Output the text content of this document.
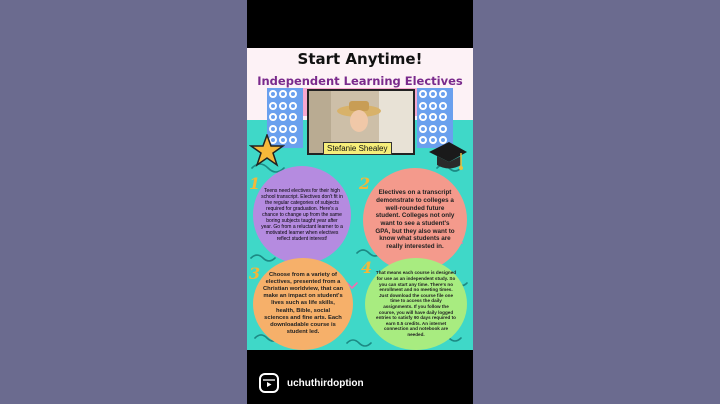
Start Anytime!
Independent Learning Electives
Stefanie Shealey
Teens need electives for their high school transcript. Electives don't fit in the regular categories of subjects required for graduation. Here's a chance to change up from the same boring subjects taught year after year. Go from a reluctant learner to a motivated learner when electives reflect student interest!
1	Electives on a transcript demonstrate to colleges a well-rounded future student. Colleges not only want to see a student's GPA, but they also want to know what students are really interested in.
2
Choose from a variety of electives, presented from a Christian worldview, that can make an impact on student's lives such as life skills, health, Bible, social sciences and fine arts. Each downloadable course is student led.
3	That means each course is designed for use as an independent study. So you can start any time. There's no enrollment and no meeting times. Just download the course file one time to access the daily assignments. If you follow the course, you will have daily logged entries to satisfy 90 days required to earn 0.5 credits. An internet connection and notebook are needed.
4
uchuthirdoption
